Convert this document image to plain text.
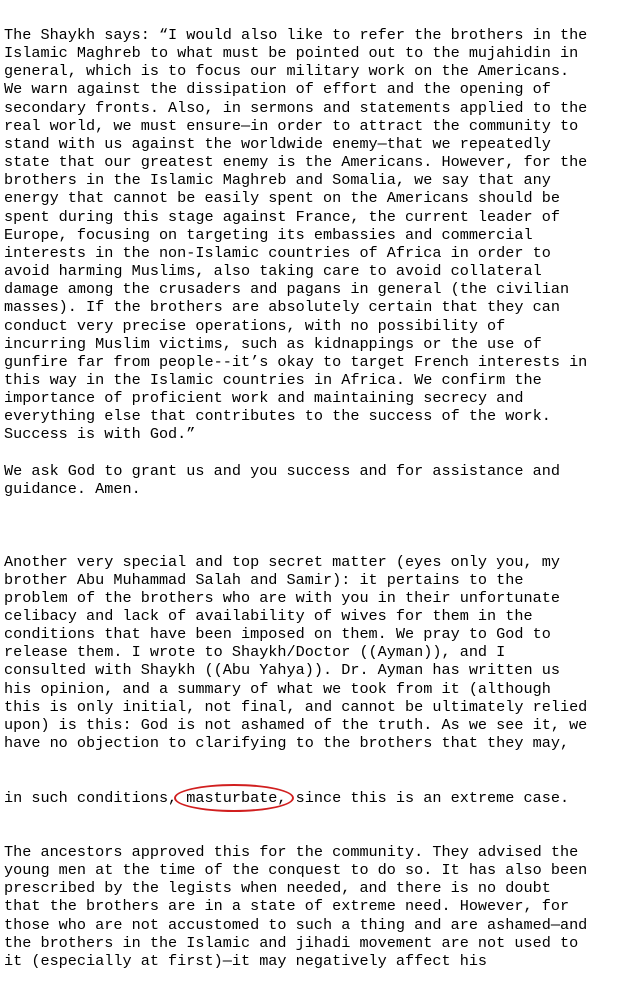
The Shaykh says: “I would also like to refer the brothers in the
Islamic Maghreb to what must be pointed out to the mujahidin in
general, which is to focus our military work on the Americans.
We warn against the dissipation of effort and the opening of
secondary fronts. Also, in sermons and statements applied to the
real world, we must ensure—in order to attract the community to
stand with us against the worldwide enemy—that we repeatedly
state that our greatest enemy is the Americans. However, for the
brothers in the Islamic Maghreb and Somalia, we say that any
energy that cannot be easily spent on the Americans should be
spent during this stage against France, the current leader of
Europe, focusing on targeting its embassies and commercial
interests in the non-Islamic countries of Africa in order to
avoid harming Muslims, also taking care to avoid collateral
damage among the crusaders and pagans in general (the civilian
masses). If the brothers are absolutely certain that they can
conduct very precise operations, with no possibility of
incurring Muslim victims, such as kidnappings or the use of
gunfire far from people--it’s okay to target French interests in
this way in the Islamic countries in Africa. We confirm the
importance of proficient work and maintaining secrecy and
everything else that contributes to the success of the work.
Success is with God.”
We ask God to grant us and you success and for assistance and
guidance. Amen.

Another very special and top secret matter (eyes only you, my
brother Abu Muhammad Salah and Samir): it pertains to the
problem of the brothers who are with you in their unfortunate
celibacy and lack of availability of wives for them in the
conditions that have been imposed on them. We pray to God to
release them. I wrote to Shaykh/Doctor ((Ayman)), and I
consulted with Shaykh ((Abu Yahya)). Dr. Ayman has written us
his opinion, and a summary of what we took from it (although
this is only initial, not final, and cannot be ultimately relied
upon) is this: God is not ashamed of the truth. As we see it, we
have no objection to clarifying to the brothers that they may,

in such conditions, masturbate,
since this is an extreme case.

The ancestors approved this for the community. They advised the
young men at the time of the conquest to do so. It has also been
prescribed by the legists when needed, and there is no doubt
that the brothers are in a state of extreme need. However, for
those who are not accustomed to such a thing and are ashamed—and
the brothers in the Islamic and jihadi movement are not used to
it (especially at first)—it may negatively affect his
